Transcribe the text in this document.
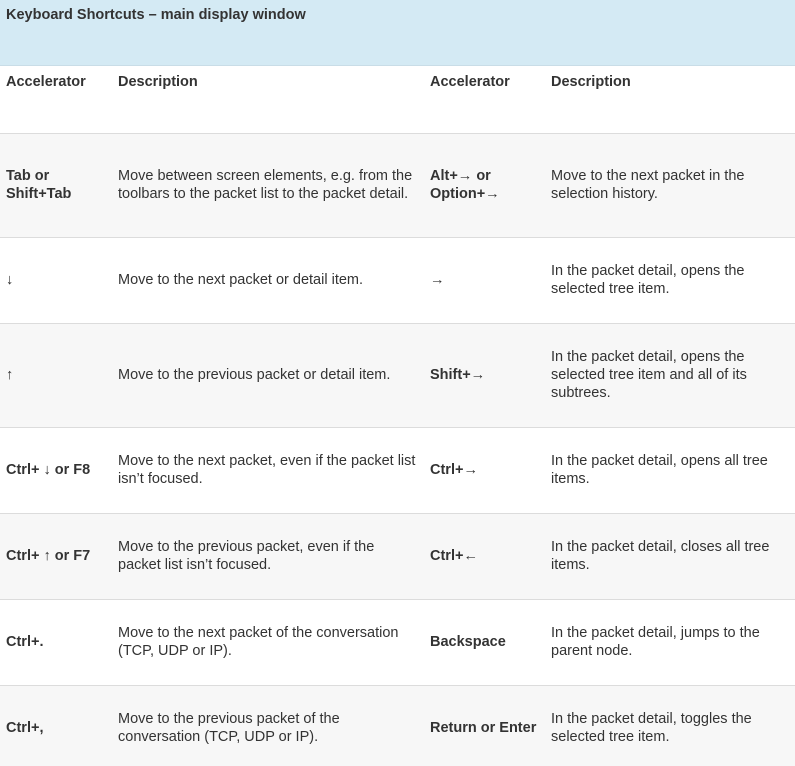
Keyboard Shortcuts – main display window
Accelerator	Description	Accelerator	Description
Tab or Shift+Tab	Move between screen elements, e.g. from the toolbars to the packet list to the packet detail.	Alt+→ or Option+→	Move to the next packet in the selection history.
↓	Move to the next packet or detail item.	→	In the packet detail, opens the selected tree item.
↑	Move to the previous packet or detail item.	Shift+→	In the packet detail, opens the selected tree item and all of its subtrees.
Ctrl+ ↓ or F8	Move to the next packet, even if the packet list isn’t focused.	Ctrl+→	In the packet detail, opens all tree items.
Ctrl+ ↑ or F7	Move to the previous packet, even if the packet list isn’t focused.	Ctrl+←	In the packet detail, closes all tree items.
Ctrl+.	Move to the next packet of the conversation (TCP, UDP or IP).	Backspace	In the packet detail, jumps to the parent node.
Ctrl+,	Move to the previous packet of the conversation (TCP, UDP or IP).	Return or Enter	In the packet detail, toggles the selected tree item.
